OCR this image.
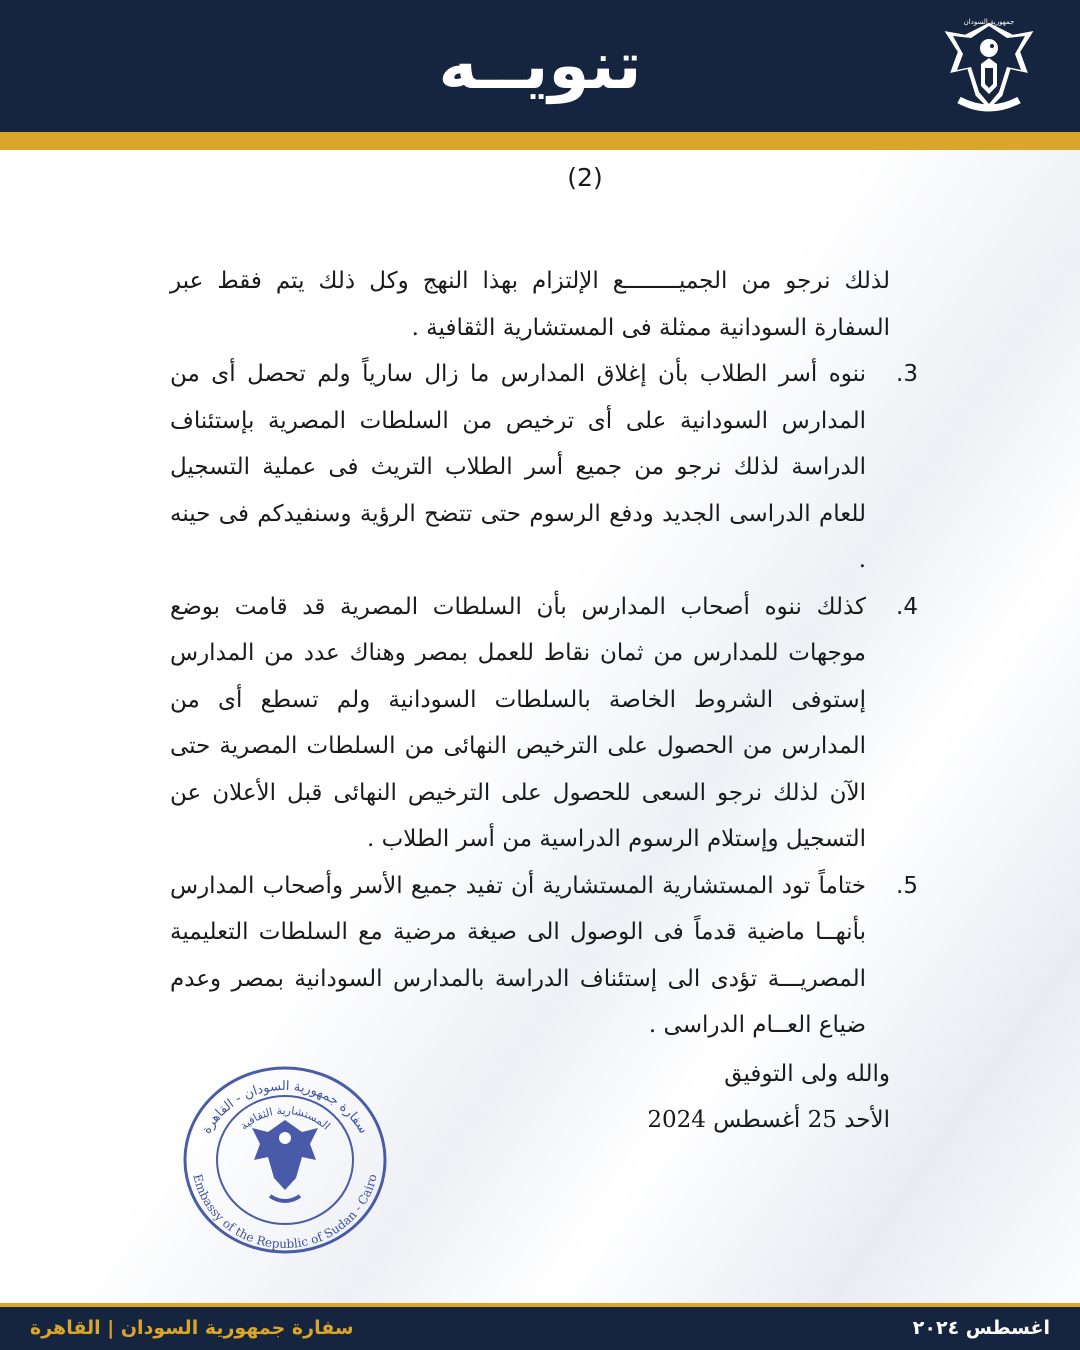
تنويــه
جمهورية السودان
(2)

لذلك نرجو من الجميــــــــع الإلتزام بهذا النهج وكل ذلك يتم فقط عبر السفارة السودانية ممثلة فى المستشارية الثقافية .

3.

ننوه أسر الطلاب بأن إغلاق المدارس ما زال سارياً ولم تحصل أى من المدارس السودانية على أى ترخيص من السلطات المصرية بإستئناف الدراسة لذلك نرجو من جميع أسر الطلاب التريث فى عملية التسجيل للعام الدراسى الجديد ودفع الرسوم حتى تتضح الرؤية وسنفيدكم فى حينه .

4.

كذلك ننوه أصحاب المدارس بأن السلطات المصرية قد قامت بوضع موجهات للمدارس من ثمان نقاط للعمل بمصر وهناك عدد من المدارس إستوفى الشروط الخاصة بالسلطات السودانية ولم تسطع أى من المدارس من الحصول على الترخيص النهائى من السلطات المصرية حتى الآن لذلك نرجو السعى للحصول على الترخيص النهائى قبل الأعلان عن التسجيل وإستلام الرسوم الدراسية من أسر الطلاب .

5.

ختاماً تود المستشارية المستشارية أن تفيد جميع الأسر وأصحاب المدارس بأنهــا ماضية قدماً فى الوصول الى صيغة مرضية مع السلطات التعليمية المصريـــة تؤدى الى إستئناف الدراسة بالمدارس السودانية بمصر وعدم ضياع العــام الدراسى .

والله ولى التوفيق

الأحد 25 أغسطس 2024

سفارة جمهورية السودان - القاهرة
المستشارية الثقافية
Embassy of the Republic of Sudan - Cairo
سفارة جمهورية السودان | القاهرة	اغسطس ٢٠٢٤
